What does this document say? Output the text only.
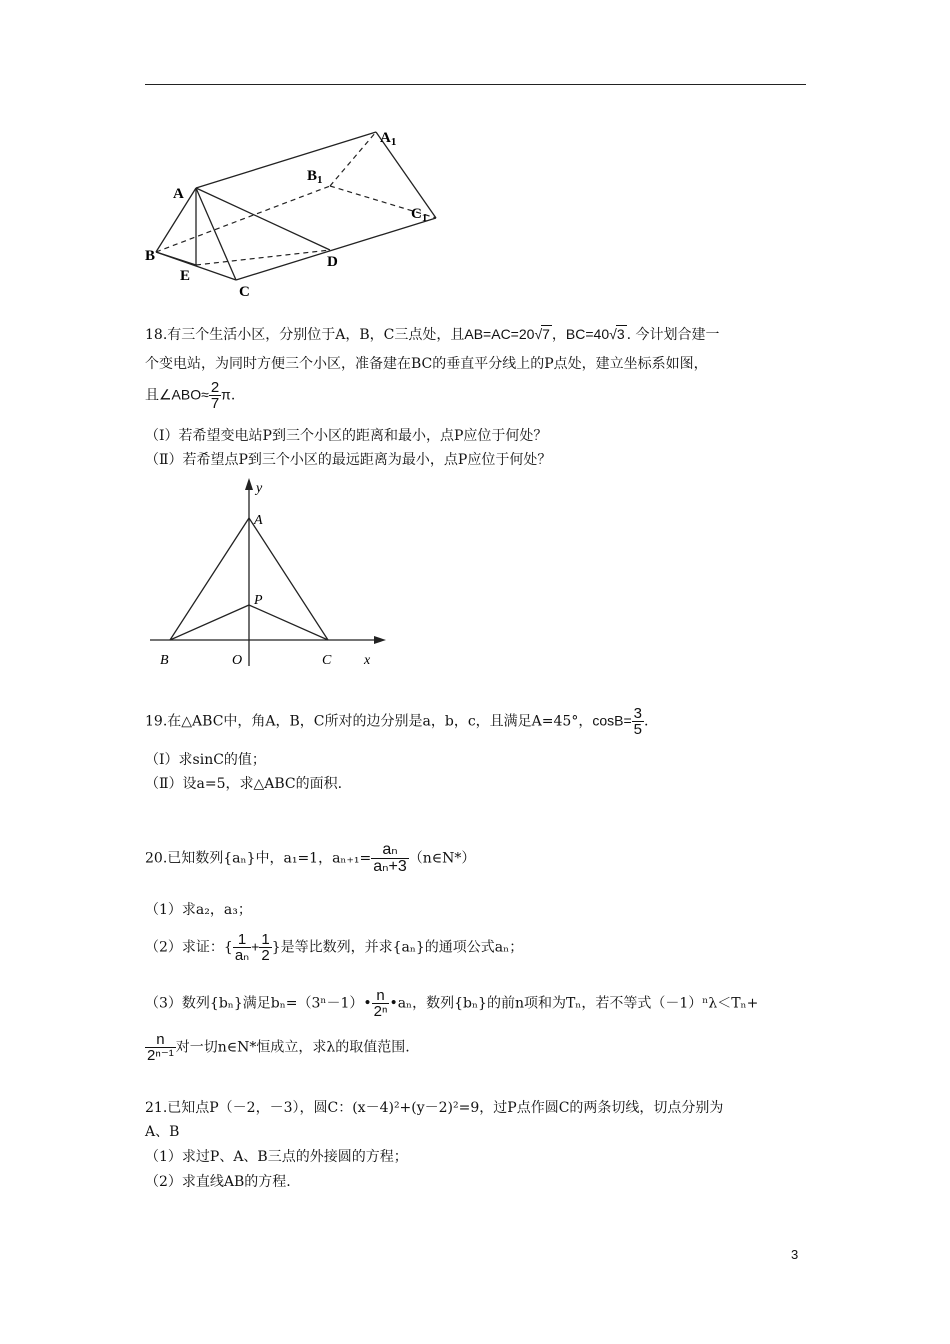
A
$A_1$
$B_1$
$C_1$
B
E
C
D
18.有三个生活小区，分别位于A，B，C三点处，且AB=AC=20√7 ，BC=40√3 . 今计划合建一
个变电站，为同时方便三个小区，准备建在BC的垂直平分线上的P点处，建立坐标系如图，
且∠ABO≈ $\frac{2}{7} \pi$.
（Ⅰ）若希望变电站P到三个小区的距离和最小，点P应位于何处？
（Ⅱ）若希望点P到三个小区的最远距离为最小，点P应位于何处？
y
x
A
P
B	O	C
19.在△ABC中，角A，B，C所对的边分别是a，b，c，且满足A=45°，$\cos B= \frac{3}{5}$ .
（Ⅰ）求sinC的值；
（Ⅱ）设a=5，求△ABC的面积.
20.已知数列{aₙ}中，a₁=1，$a_{n+1}= \frac{\text{aₙ}}{\text{aₙ+3}}$ （n∈N*）
（1）求a₂，a₃；
（2）求证：{ $\frac{1}{\text{aₙ}} + \frac{1}{2}$ }是等比数列，并求{aₙ}的通项公式aₙ；
（3）数列{bₙ}满足bₙ=（3ⁿ－1）• $\frac{n}{\text{2ⁿ}}$ •aₙ，数列{bₙ}的前n项和为Tₙ，若不等式（－1）ⁿλ＜Tₙ+
$\frac{n}{\text{2ⁿ⁻¹}}$ 对一切n∈N*恒成立，求λ的取值范围.
21.已知点P（－2，－3），圆C：(x－4)²+(y－2)²=9，过P点作圆C的两条切线，切点分别为
A、B
（1）求过P、A、B三点的外接圆的方程；
（2）求直线AB的方程.
3
